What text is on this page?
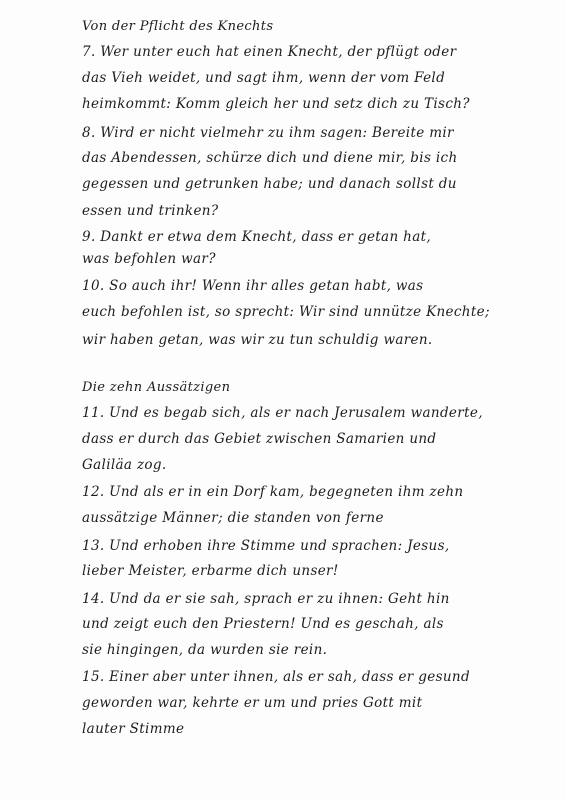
Von der Pflicht des Knechts
7. Wer unter euch hat einen Knecht, der pflügt oder
das Vieh weidet, und sagt ihm, wenn der vom Feld
heimkommt: Komm gleich her und setz dich zu Tisch?
8. Wird er nicht vielmehr zu ihm sagen: Bereite mir
das Abendessen, schürze dich und diene mir, bis ich
gegessen und getrunken habe; und danach sollst du
essen und trinken?
9. Dankt er etwa dem Knecht, dass er getan hat,
was befohlen war?
10. So auch ihr! Wenn ihr alles getan habt, was
euch befohlen ist, so sprecht: Wir sind unnütze Knechte;
wir haben getan, was wir zu tun schuldig waren.
Die zehn Aussätzigen
11. Und es begab sich, als er nach Jerusalem wanderte,
dass er durch das Gebiet zwischen Samarien und
Galiläa zog.
12. Und als er in ein Dorf kam, begegneten ihm zehn
aussätzige Männer; die standen von ferne
13. Und erhoben ihre Stimme und sprachen: Jesus,
lieber Meister, erbarme dich unser!
14. Und da er sie sah, sprach er zu ihnen: Geht hin
und zeigt euch den Priestern! Und es geschah, als
sie hingingen, da wurden sie rein.
15. Einer aber unter ihnen, als er sah, dass er gesund
geworden war, kehrte er um und pries Gott mit
lauter Stimme
